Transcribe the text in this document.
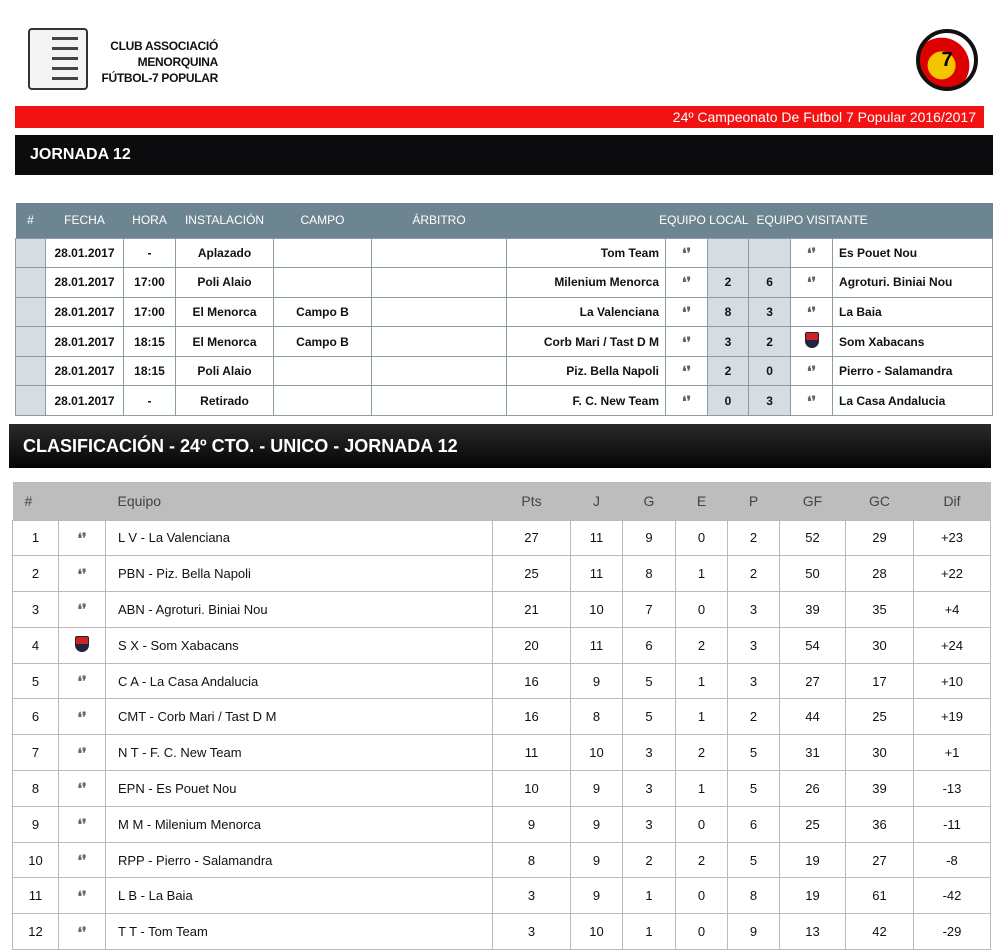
CLUB ASSOCIACIÓ
MENORQUINA
FÚTBOL-7 POPULAR
7
24º Campeonato De Futbol 7 Popular 2016/2017
JORNADA 12
#	FECHA	HORA	INSTALACIÓN	CAMPO	ÁRBITRO	EQUIPO LOCAL			EQUIPO VISITANTE		
	28.01.2017	-	Aplazado			Tom Team	❛❜			❛❜	Es Pouet Nou
	28.01.2017	17:00	Poli Alaio			Milenium Menorca	❛❜	2	6	❛❜	Agroturi. Biniai Nou
	28.01.2017	17:00	El Menorca	Campo B		La Valenciana	❛❜	8	3	❛❜	La Baia
	28.01.2017	18:15	El Menorca	Campo B		Corb Mari / Tast D M	❛❜	3	2		Som Xabacans
	28.01.2017	18:15	Poli Alaio			Piz. Bella Napoli	❛❜	2	0	❛❜	Pierro - Salamandra
	28.01.2017	-	Retirado			F. C. New Team	❛❜	0	3	❛❜	La Casa Andalucia
CLASIFICACIÓN - 24º CTO. - UNICO - JORNADA 12
#		Equipo	Pts	J	G	E	P	GF	GC	Dif
1	❛❜	L V - La Valenciana	27	11	9	0	2	52	29	+23
2	❛❜	PBN - Piz. Bella Napoli	25	11	8	1	2	50	28	+22
3	❛❜	ABN - Agroturi. Biniai Nou	21	10	7	0	3	39	35	+4
4		S X - Som Xabacans	20	11	6	2	3	54	30	+24
5	❛❜	C A - La Casa Andalucia	16	9	5	1	3	27	17	+10
6	❛❜	CMT - Corb Mari / Tast D M	16	8	5	1	2	44	25	+19
7	❛❜	N T - F. C. New Team	11	10	3	2	5	31	30	+1
8	❛❜	EPN - Es Pouet Nou	10	9	3	1	5	26	39	-13
9	❛❜	M M - Milenium Menorca	9	9	3	0	6	25	36	-11
10	❛❜	RPP - Pierro - Salamandra	8	9	2	2	5	19	27	-8
11	❛❜	L B - La Baia	3	9	1	0	8	19	61	-42
12	❛❜	T T - Tom Team	3	10	1	0	9	13	42	-29
